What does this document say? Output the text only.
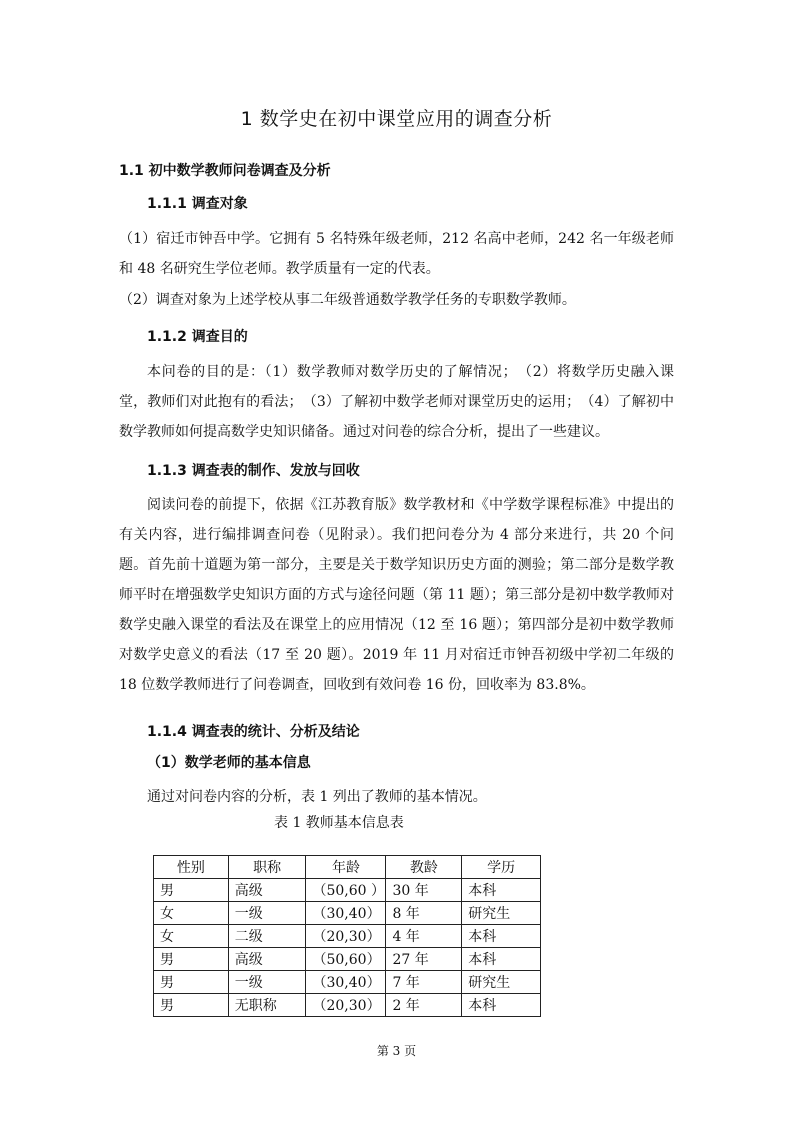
1 数学史在初中课堂应用的调查分析
1.1 初中数学教师问卷调查及分析
1.1.1 调查对象
（1）宿迁市钟吾中学。它拥有 5 名特殊年级老师，212 名高中老师，242 名一年级老师和 48 名研究生学位老师。教学质量有一定的代表。
（2）调查对象为上述学校从事二年级普通数学教学任务的专职数学教师。
1.1.2 调查目的
本问卷的目的是：（1）数学教师对数学历史的了解情况；　（2）将数学历史融入课堂，教师们对此抱有的看法；　（3）了解初中数学老师对课堂历史的运用；　（4）了解初中数学教师如何提高数学史知识储备。通过对问卷的综合分析，提出了一些建议。
1.1.3 调查表的制作、发放与回收
阅读问卷的前提下，依据《江苏教育版》数学教材和《中学数学课程标准》中提出的有关内容，进行编排调查问卷（见附录）。我们把问卷分为 4 部分来进行，共 20 个问题。首先前十道题为第一部分，主要是关于数学知识历史方面的测验；第二部分是数学教师平时在增强数学史知识方面的方式与途径问题（第 11 题）；第三部分是初中数学教师对数学史融入课堂的看法及在课堂上的应用情况（12 至 16 题）；第四部分是初中数学教师对数学史意义的看法（17 至 20 题）。2019 年 11 月对宿迁市钟吾初级中学初二年级的 18 位数学教师进行了问卷调查，回收到有效问卷 16 份，回收率为 83.8%。
1.1.4 调查表的统计、分析及结论
（1）数学老师的基本信息
通过对问卷内容的分析，表 1 列出了教师的基本情况。
表 1 教师基本信息表
性别	职称	年龄	教龄	学历
男	高级	（50,60 ）	30 年	本科
女	一级	（30,40）	8 年	研究生
女	二级	（20,30）	4 年	本科
男	高级	（50,60）	27 年	本科
男	一级	（30,40）	7 年	研究生
男	无职称	（20,30）	2 年	本科
第 3 页
